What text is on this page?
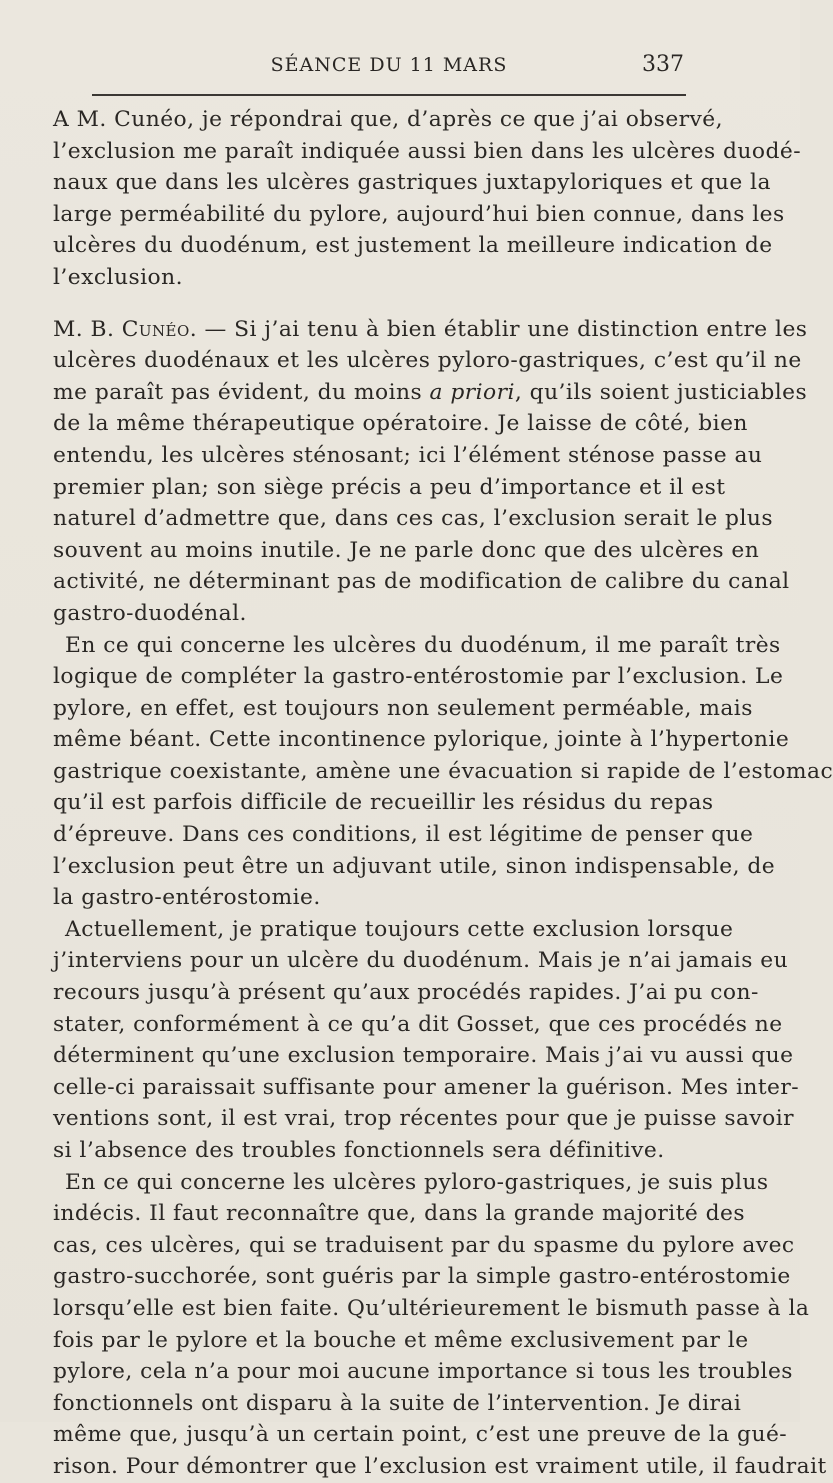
SÉANCE DU 11 MARS	337

A M. Cunéo, je répondrai que, d’après ce que j’ai observé,
l’exclusion me paraît indiquée aussi bien dans les ulcères duodé-
naux que dans les ulcères gastriques juxtapyloriques et que la
large perméabilité du pylore, aujourd’hui bien connue, dans les
ulcères du duodénum, est justement la meilleure indication de
l’exclusion.

M. B. Cunéo. — Si j’ai tenu à bien établir une distinction entre les
ulcères duodénaux et les ulcères pyloro-gastriques, c’est qu’il ne
me paraît pas évident, du moins a priori, qu’ils soient justiciables
de la même thérapeutique opératoire. Je laisse de côté, bien
entendu, les ulcères sténosant; ici l’élément sténose passe au
premier plan; son siège précis a peu d’importance et il est
naturel d’admettre que, dans ces cas, l’exclusion serait le plus
souvent au moins inutile. Je ne parle donc que des ulcères en
activité, ne déterminant pas de modification de calibre du canal
gastro-duodénal.

En ce qui concerne les ulcères du duodénum, il me paraît très
logique de compléter la gastro-entérostomie par l’exclusion. Le
pylore, en effet, est toujours non seulement perméable, mais
même béant. Cette incontinence pylorique, jointe à l’hypertonie
gastrique coexistante, amène une évacuation si rapide de l’estomac
qu’il est parfois difficile de recueillir les résidus du repas
d’épreuve. Dans ces conditions, il est légitime de penser que
l’exclusion peut être un adjuvant utile, sinon indispensable, de
la gastro-entérostomie.

Actuellement, je pratique toujours cette exclusion lorsque
j’interviens pour un ulcère du duodénum. Mais je n’ai jamais eu
recours jusqu’à présent qu’aux procédés rapides. J’ai pu con-
stater, conformément à ce qu’a dit Gosset, que ces procédés ne
déterminent qu’une exclusion temporaire. Mais j’ai vu aussi que
celle-ci paraissait suffisante pour amener la guérison. Mes inter-
ventions sont, il est vrai, trop récentes pour que je puisse savoir
si l’absence des troubles fonctionnels sera définitive.

En ce qui concerne les ulcères pyloro-gastriques, je suis plus
indécis. Il faut reconnaître que, dans la grande majorité des
cas, ces ulcères, qui se traduisent par du spasme du pylore avec
gastro-succhorée, sont guéris par la simple gastro-entérostomie
lorsqu’elle est bien faite. Qu’ultérieurement le bismuth passe à la
fois par le pylore et la bouche et même exclusivement par le
pylore, cela n’a pour moi aucune importance si tous les troubles
fonctionnels ont disparu à la suite de l’intervention. Je dirai
même que, jusqu’à un certain point, c’est une preuve de la gué-
rison. Pour démontrer que l’exclusion est vraiment utile, il faudrait
